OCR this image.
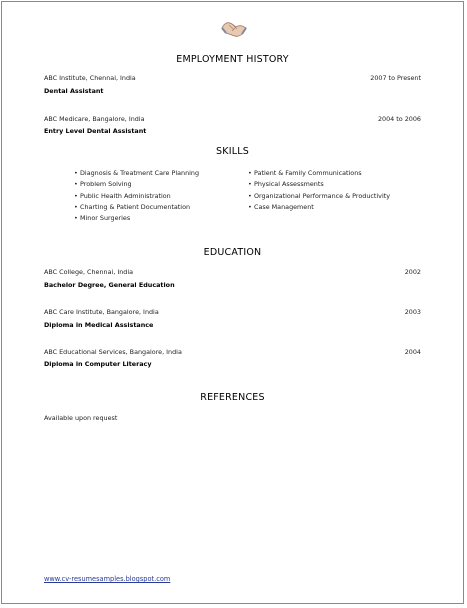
EMPLOYMENT HISTORY
ABC Institute, Chennai, India	2007 to Present
Dental Assistant
ABC Medicare, Bangalore, India	2004 to 2006
Entry Level Dental Assistant
SKILLS
• Diagnosis & Treatment Care Planning
• Problem Solving
• Public Health Administration
• Charting & Patient Documentation
• Minor Surgeries
• Patient & Family Communications
• Physical Assessments
• Organizational Performance & Productivity
• Case Management
EDUCATION
ABC College, Chennai, India	2002
Bachelor Degree, General Education
ABC Care Institute, Bangalore, India	2003
Diploma in Medical Assistance
ABC Educational Services, Bangalore, India	2004
Diploma in Computer Literacy
REFERENCES
Available upon request
www.cv-resumesamples.blogspot.com
